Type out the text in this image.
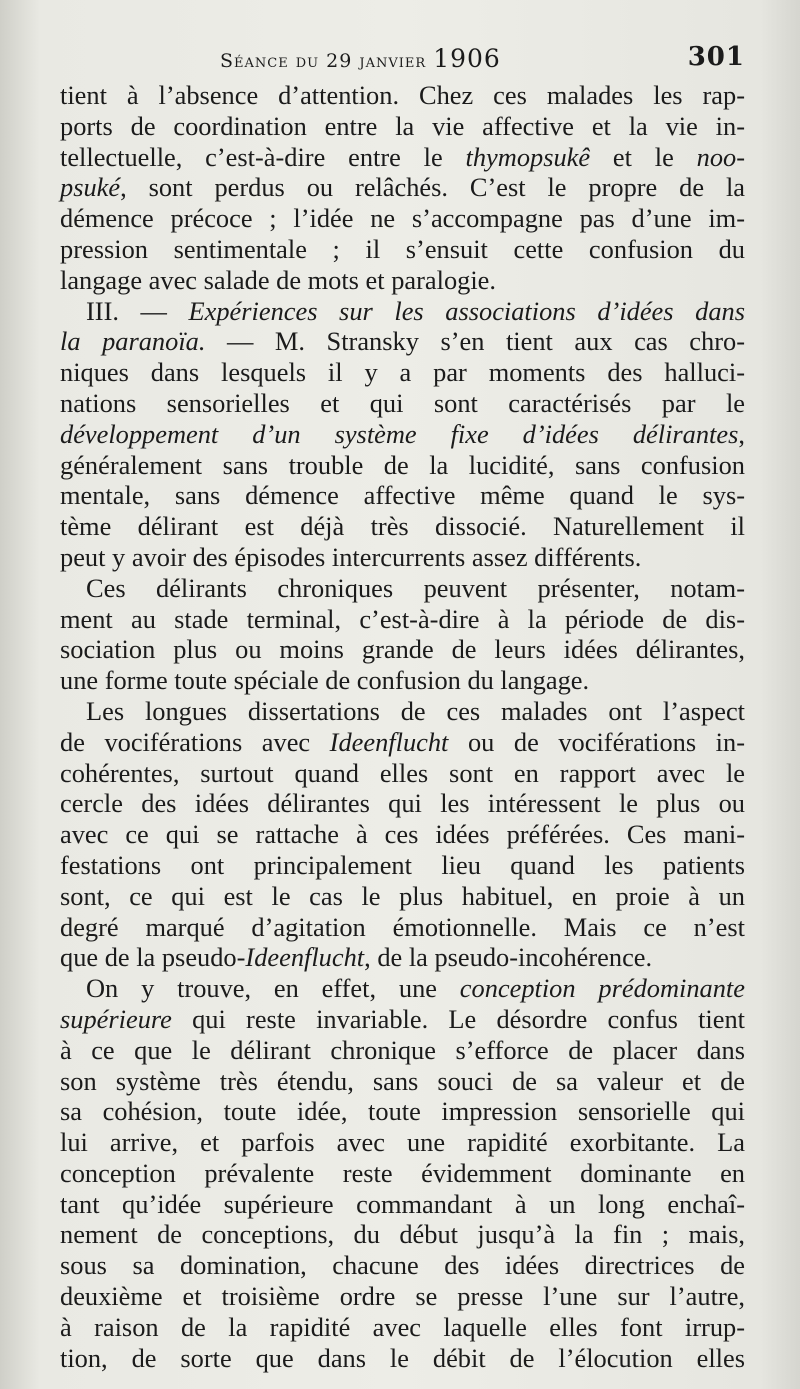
Séance du 29 janvier 1906	301
tient à l’absence d’attention. Chez ces malades les rap-
ports de coordination entre la vie affective et la vie in-
tellectuelle, c’est-à-dire entre le thymopsukê et le noo-
psuké, sont perdus ou relâchés. C’est le propre de la
démence précoce ; l’idée ne s’accompagne pas d’une im-
pression sentimentale ; il s’ensuit cette confusion du
langage avec salade de mots et paralogie.
III. — Expériences sur les associations d’idées dans
la paranoïa. — M. Stransky s’en tient aux cas chro-
niques dans lesquels il y a par moments des halluci-
nations sensorielles et qui sont caractérisés par le
développement d’un système fixe d’idées délirantes,
généralement sans trouble de la lucidité, sans confusion
mentale, sans démence affective même quand le sys-
tème délirant est déjà très dissocié. Naturellement il
peut y avoir des épisodes intercurrents assez différents.
Ces délirants chroniques peuvent présenter, notam-
ment au stade terminal, c’est-à-dire à la période de dis-
sociation plus ou moins grande de leurs idées délirantes,
une forme toute spéciale de confusion du langage.
Les longues dissertations de ces malades ont l’aspect
de vociférations avec Ideenflucht ou de vociférations in-
cohérentes, surtout quand elles sont en rapport avec le
cercle des idées délirantes qui les intéressent le plus ou
avec ce qui se rattache à ces idées préférées. Ces mani-
festations ont principalement lieu quand les patients
sont, ce qui est le cas le plus habituel, en proie à un
degré marqué d’agitation émotionnelle. Mais ce n’est
que de la pseudo-Ideenflucht, de la pseudo-incohérence.
On y trouve, en effet, une conception prédominante
supérieure qui reste invariable. Le désordre confus tient
à ce que le délirant chronique s’efforce de placer dans
son système très étendu, sans souci de sa valeur et de
sa cohésion, toute idée, toute impression sensorielle qui
lui arrive, et parfois avec une rapidité exorbitante. La
conception prévalente reste évidemment dominante en
tant qu’idée supérieure commandant à un long enchaî-
nement de conceptions, du début jusqu’à la fin ; mais,
sous sa domination, chacune des idées directrices de
deuxième et troisième ordre se presse l’une sur l’autre,
à raison de la rapidité avec laquelle elles font irrup-
tion, de sorte que dans le débit de l’élocution elles
